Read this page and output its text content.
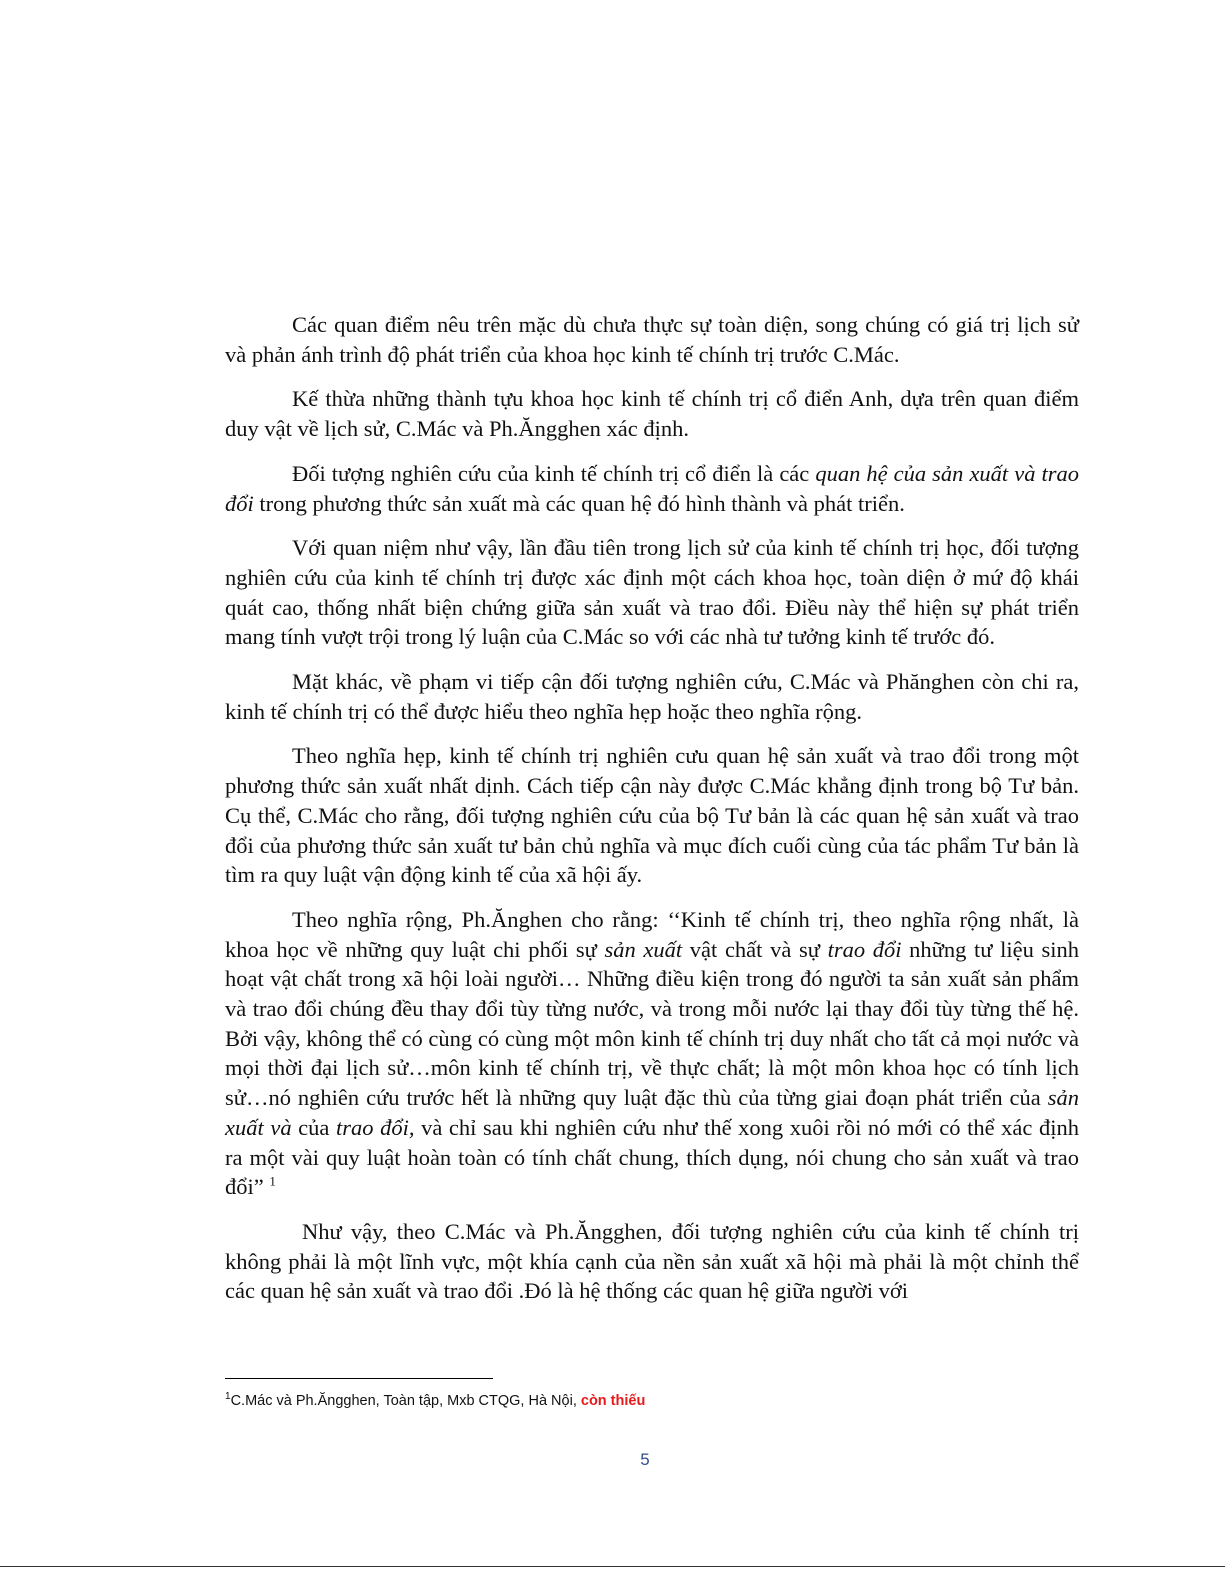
Các quan điểm nêu trên mặc dù chưa thực sự toàn diện, song chúng có giá trị lịch sử và phản ánh trình độ phát triển của khoa học kinh tế chính trị trước C.Mác.

Kế thừa những thành tựu khoa học kinh tế chính trị cổ điển Anh, dựa trên quan điểm duy vật về lịch sử, C.Mác và Ph.Ăngghen xác định.

Đối tượng nghiên cứu của kinh tế chính trị cổ điển là các quan hệ của sản xuất và trao đổi trong phương thức sản xuất mà các quan hệ đó hình thành và phát triển.

Với quan niệm như vậy, lần đầu tiên trong lịch sử của kinh tế chính trị học, đối tượng nghiên cứu của kinh tế chính trị được xác định một cách khoa học, toàn diện ở mứ độ khái quát cao, thống nhất biện chứng giữa sản xuất và trao đổi. Điều này thể hiện sự phát triển mang tính vượt trội trong lý luận của C.Mác so với các nhà tư tưởng kinh tế trước đó.

Mặt khác, về phạm vi tiếp cận đối tượng nghiên cứu, C.Mác và Phănghen còn chi ra, kinh tế chính trị có thể được hiểu theo nghĩa hẹp hoặc theo nghĩa rộng.

Theo nghĩa hẹp, kinh tế chính trị nghiên cưu quan hệ sản xuất và trao đổi trong một phương thức sản xuất nhất dịnh. Cách tiếp cận này được C.Mác khẳng định trong bộ Tư bản. Cụ thể, C.Mác cho rằng, đối tượng nghiên cứu của bộ Tư bản là các quan hệ sản xuất và trao đổi của phương thức sản xuất tư bản chủ nghĩa và mục đích cuối cùng của tác phẩm Tư bản là tìm ra quy luật vận động kinh tế của xã hội ấy.

Theo nghĩa rộng, Ph.Ănghen cho rằng: ‘‘Kinh tế chính trị, theo nghĩa rộng nhất, là khoa học về những quy luật chi phối sự sản xuất vật chất và sự trao đổi những tư liệu sinh hoạt vật chất trong xã hội loài người… Những điều kiện trong đó người ta sản xuất sản phẩm và trao đổi chúng đều thay đổi tùy từng nước, và trong mỗi nước lại thay đổi tùy từng thế hệ. Bởi vậy, không thể có cùng có cùng một môn kinh tế chính trị duy nhất cho tất cả mọi nước và mọi thời đại lịch sử…môn kinh tế chính trị, về thực chất; là một môn khoa học có tính lịch sử…nó nghiên cứu trước hết là những quy luật đặc thù của từng giai đoạn phát triển của sản xuất và của trao đổi, và chỉ sau khi nghiên cứu như thế xong xuôi rồi nó mới có thể xác định ra một vài quy luật hoàn toàn có tính chất chung, thích dụng, nói chung cho sản xuất và trao đổi” $^1$

Như vậy, theo C.Mác và Ph.Ăngghen, đối tượng nghiên cứu của kinh tế chính trị không phải là một lĩnh vực, một khía cạnh của nền sản xuất xã hội mà phải là một chỉnh thể các quan hệ sản xuất và trao đổi .Đó là hệ thống các quan hệ giữa người với

$^1$C.Mác và Ph.Ăngghen, Toàn tập, Mxb CTQG, Hà Nội, còn thiếu
5
